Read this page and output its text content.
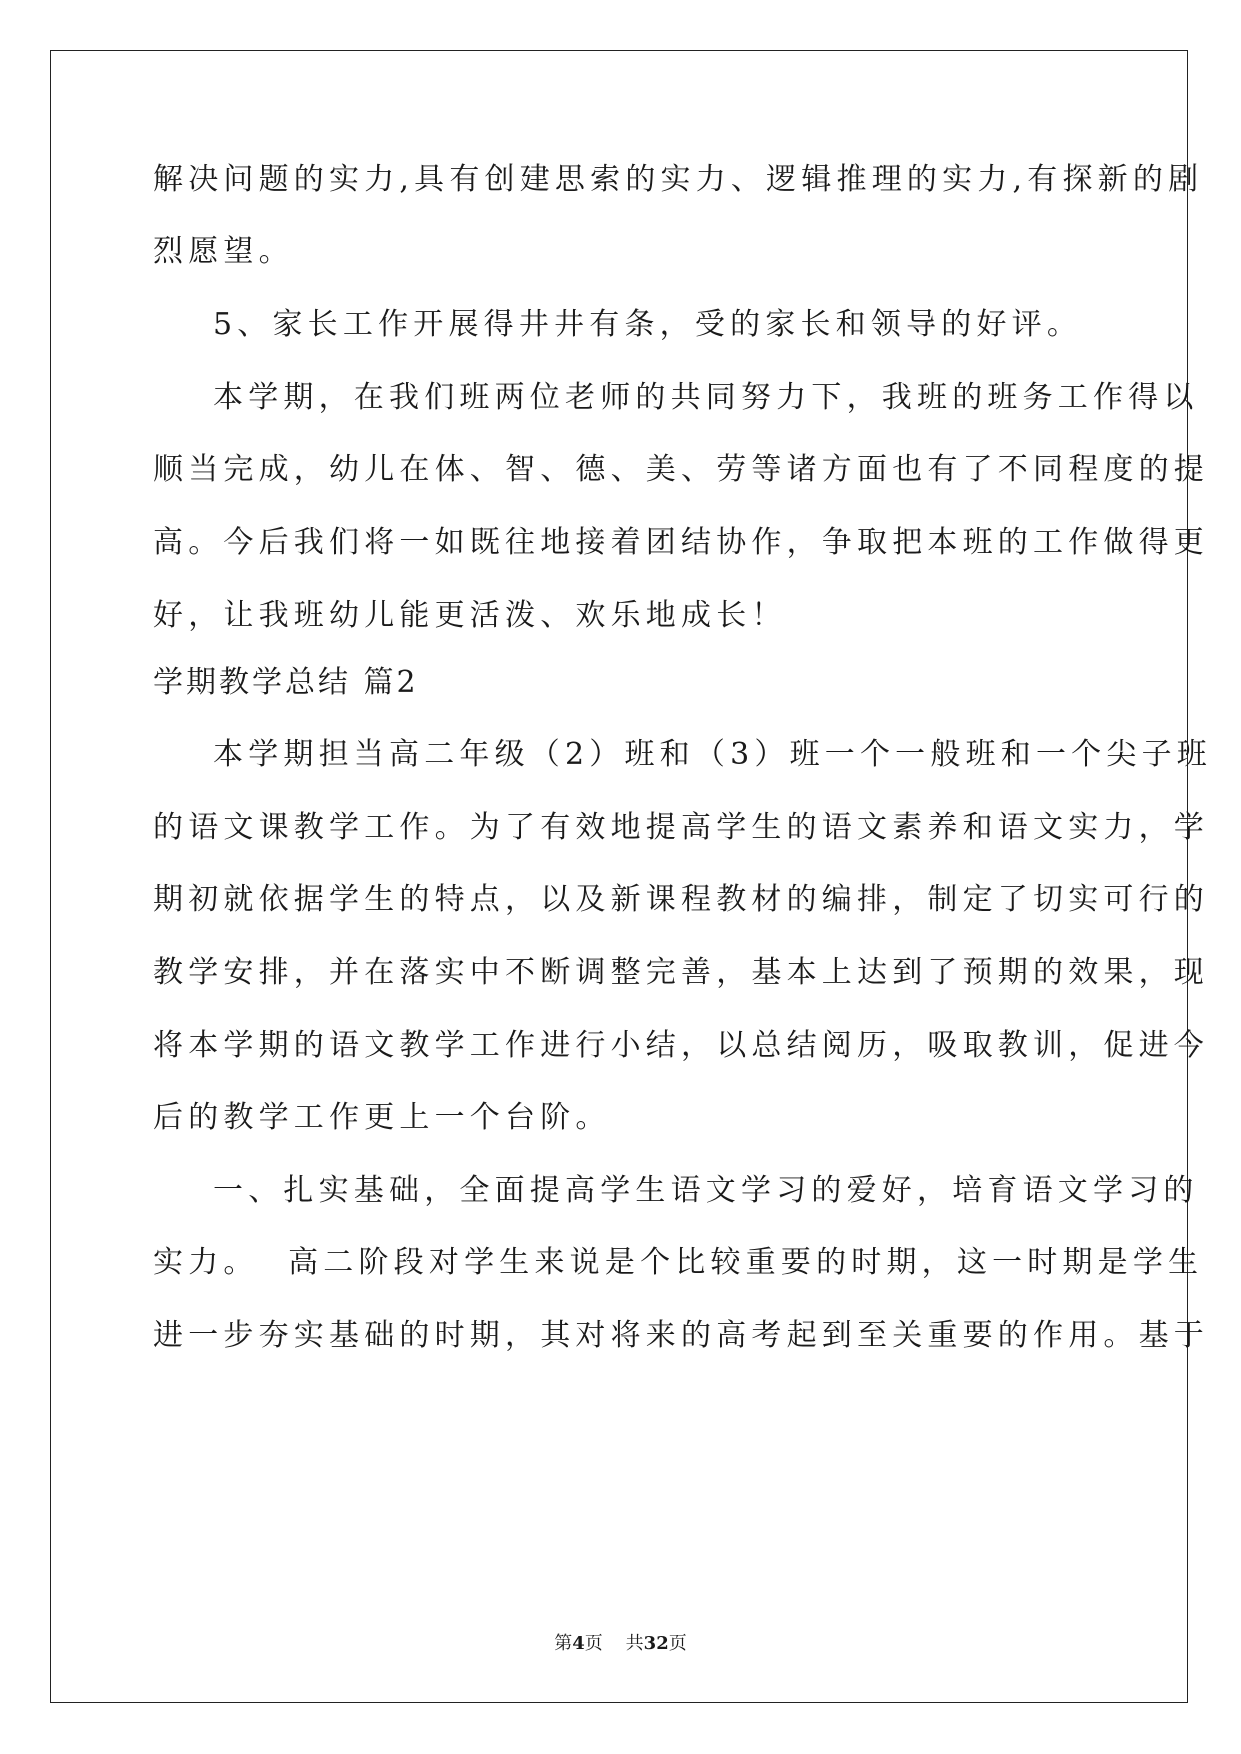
解决问题的实力,具有创建思索的实力、逻辑推理的实力,有探新的剧
烈愿望。
5、家长工作开展得井井有条，受的家长和领导的好评。
本学期，在我们班两位老师的共同努力下，我班的班务工作得以
顺当完成，幼儿在体、智、德、美、劳等诸方面也有了不同程度的提
高。今后我们将一如既往地接着团结协作，争取把本班的工作做得更
好，让我班幼儿能更活泼、欢乐地成长！
学期教学总结 篇2
本学期担当高二年级（2）班和（3）班一个一般班和一个尖子班
的语文课教学工作。为了有效地提高学生的语文素养和语文实力，学
期初就依据学生的特点，以及新课程教材的编排，制定了切实可行的
教学安排，并在落实中不断调整完善，基本上达到了预期的效果，现
将本学期的语文教学工作进行小结，以总结阅历，吸取教训，促进今
后的教学工作更上一个台阶。
一、扎实基础，全面提高学生语文学习的爱好，培育语文学习的
实力。  高二阶段对学生来说是个比较重要的时期，这一时期是学生
进一步夯实基础的时期，其对将来的高考起到至关重要的作用。基于
第4页 共32页
